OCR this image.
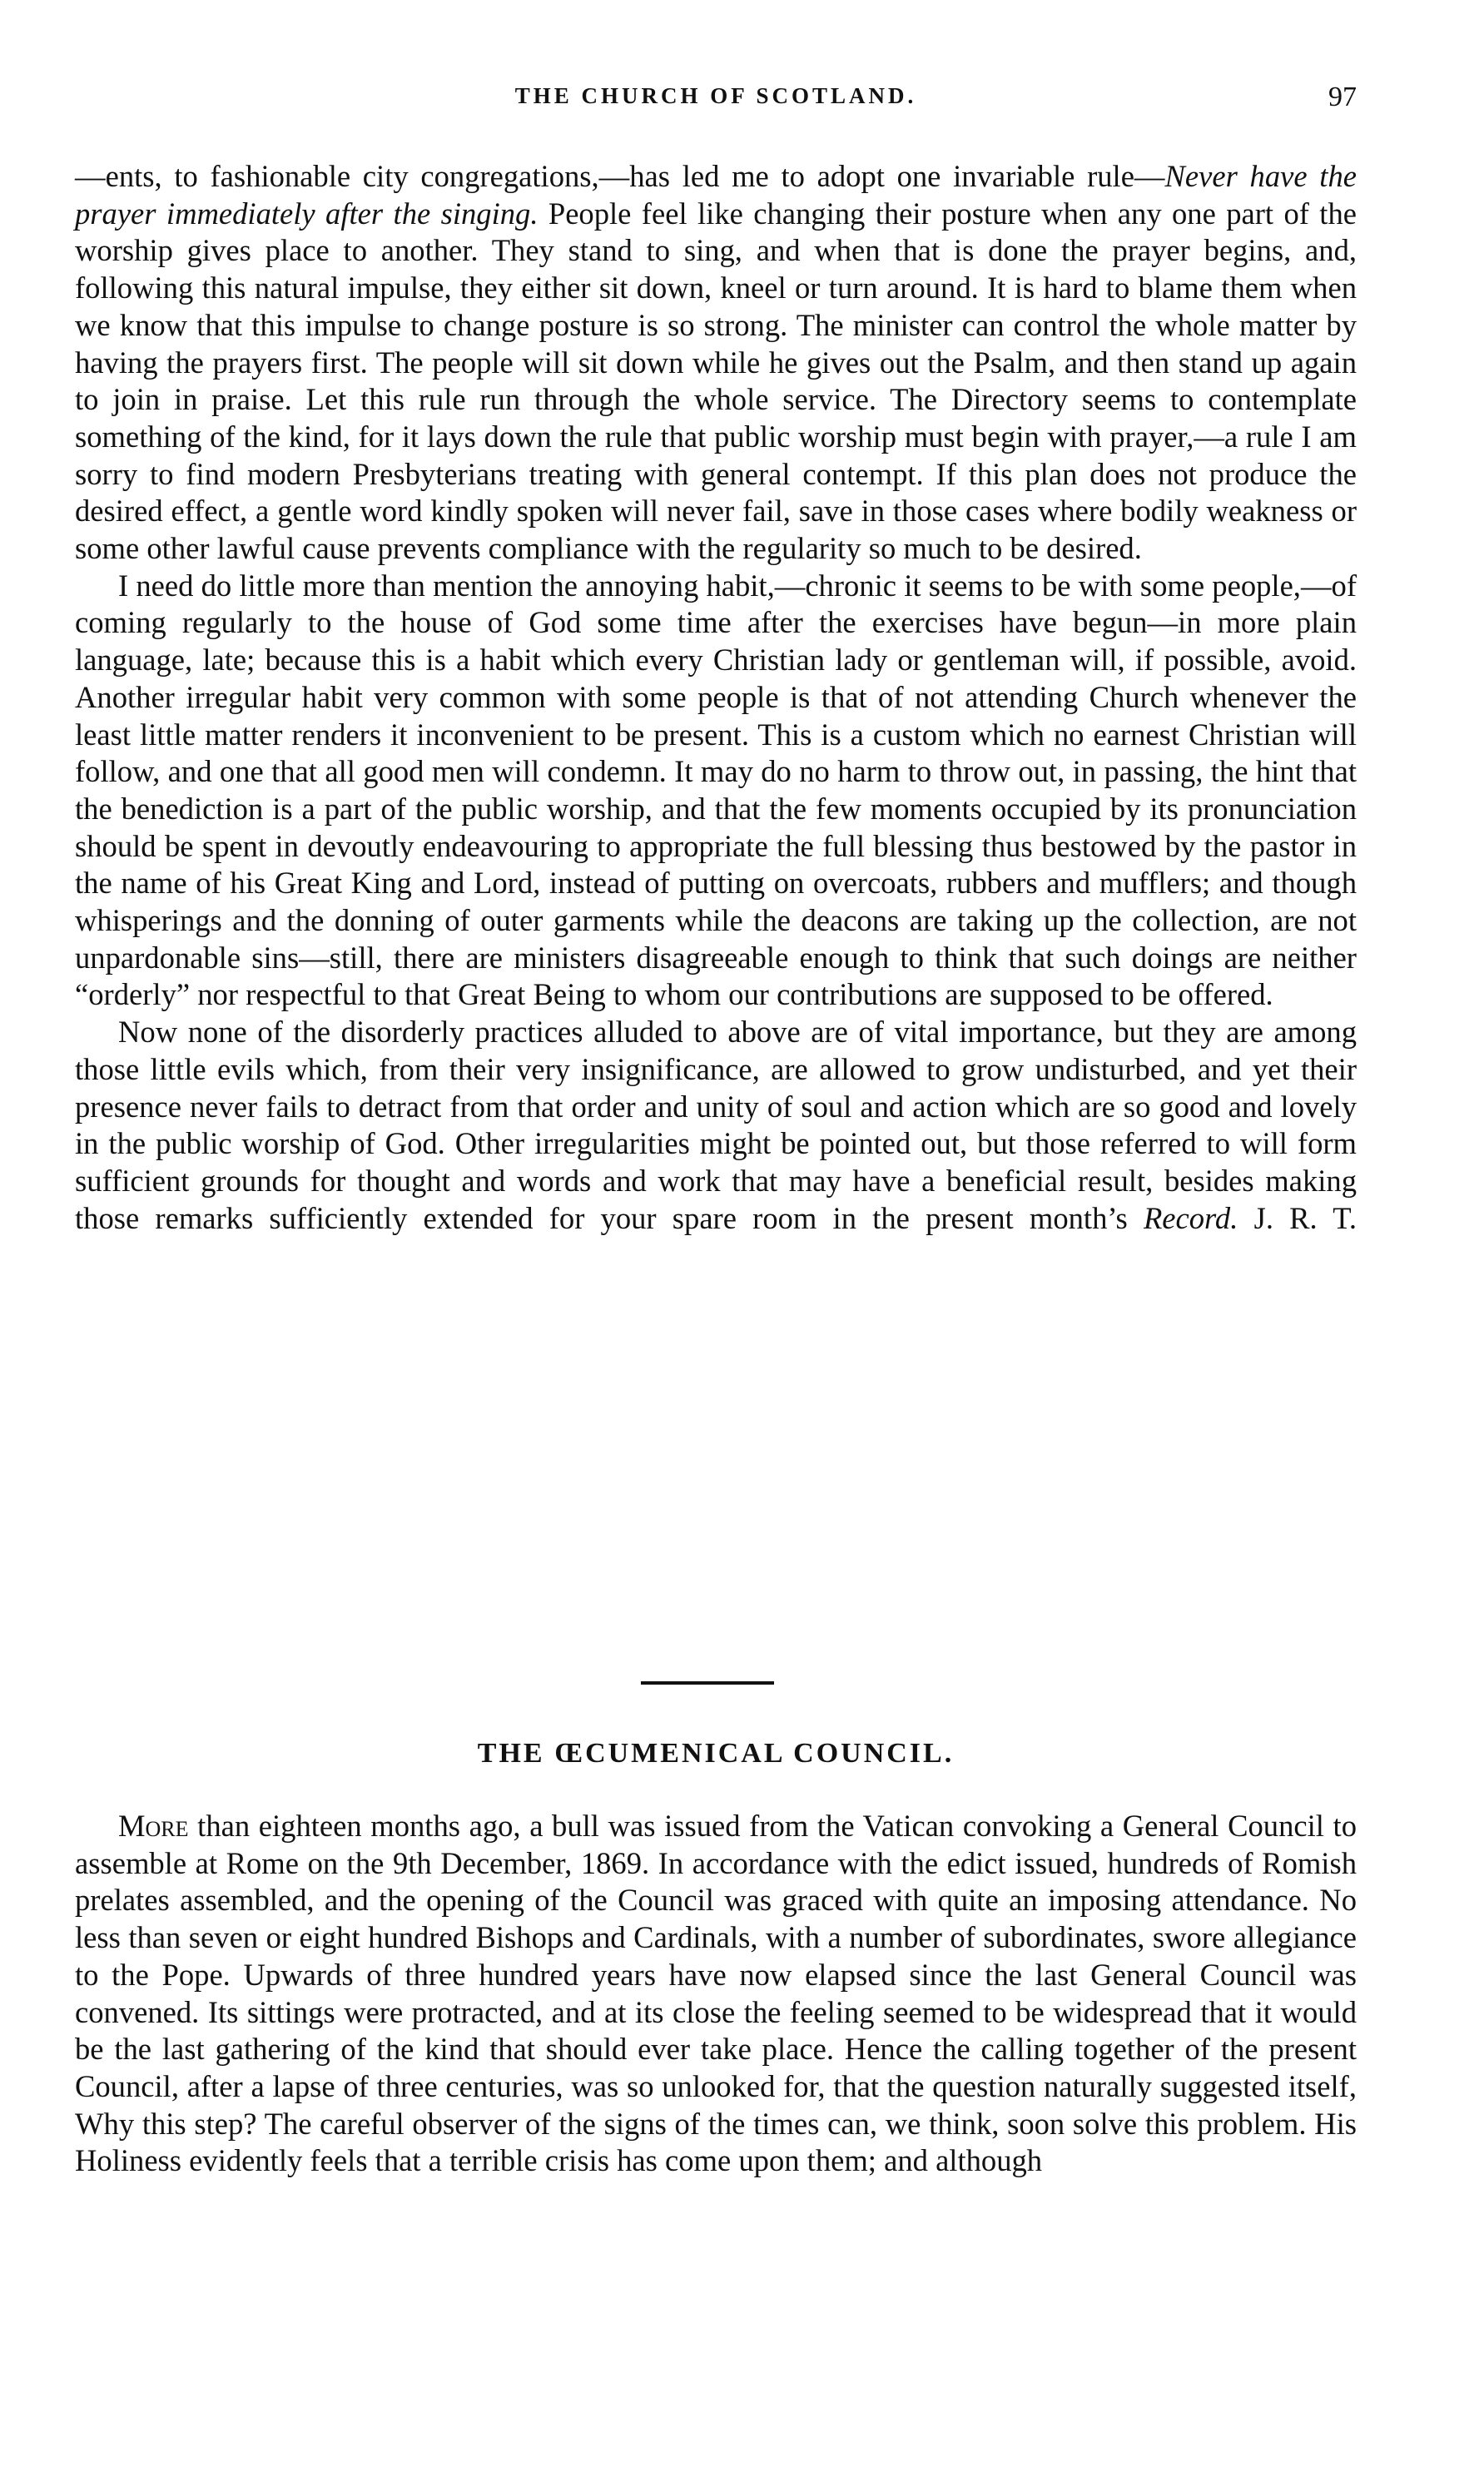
THE CHURCH OF SCOTLAND.	97

—ents, to fashionable city congregations,—has led me to adopt one invariable rule—Never have the prayer immediately after the singing. People feel like changing their posture when any one part of the worship gives place to another. They stand to sing, and when that is done the prayer begins, and, following this natural impulse, they either sit down, kneel or turn around. It is hard to blame them when we know that this impulse to change posture is so strong. The minister can control the whole matter by having the prayers first. The people will sit down while he gives out the Psalm, and then stand up again to join in praise. Let this rule run through the whole service. The Directory seems to contemplate something of the kind, for it lays down the rule that public worship must begin with prayer,—a rule I am sorry to find modern Presbyterians treating with general contempt. If this plan does not produce the desired effect, a gentle word kindly spoken will never fail, save in those cases where bodily weakness or some other lawful cause prevents compliance with the regularity so much to be desired.

I need do little more than mention the annoying habit,—chronic it seems to be with some people,—of coming regularly to the house of God some time after the exercises have begun—in more plain language, late; because this is a habit which every Christian lady or gentleman will, if possible, avoid. Another irregular habit very common with some people is that of not attending Church whenever the least little matter renders it inconvenient to be present. This is a custom which no earnest Christian will follow, and one that all good men will condemn. It may do no harm to throw out, in passing, the hint that the benediction is a part of the public worship, and that the few moments occupied by its pronunciation should be spent in devoutly endeavouring to appropriate the full blessing thus bestowed by the pastor in the name of his Great King and Lord, instead of putting on overcoats, rubbers and mufflers; and though whisperings and the donning of outer garments while the deacons are taking up the collection, are not unpardonable sins—still, there are ministers disagreeable enough to think that such doings are neither “orderly” nor respectful to that Great Being to whom our contributions are supposed to be offered.

Now none of the disorderly practices alluded to above are of vital importance, but they are among those little evils which, from their very insignificance, are allowed to grow undisturbed, and yet their presence never fails to detract from that order and unity of soul and action which are so good and lovely in the public worship of God. Other irregularities might be pointed out, but those referred to will form sufficient grounds for thought and words and work that may have a beneficial result, besides making those remarks sufficiently extended for your spare room in the present month’s Record. J. R. T.

THE ŒCUMENICAL COUNCIL.

More than eighteen months ago, a bull was issued from the Vatican convoking a General Council to assemble at Rome on the 9th December, 1869. In accordance with the edict issued, hundreds of Romish prelates assembled, and the opening of the Council was graced with quite an imposing attendance. No less than seven or eight hundred Bishops and Cardinals, with a number of subordinates, swore allegiance to the Pope. Upwards of three hundred years have now elapsed since the last General Council was convened. Its sittings were protracted, and at its close the feeling seemed to be widespread that it would be the last gathering of the kind that should ever take place. Hence the calling together of the present Council, after a lapse of three centuries, was so unlooked for, that the question naturally suggested itself, Why this step? The careful observer of the signs of the times can, we think, soon solve this problem. His Holiness evidently feels that a terrible crisis has come upon them; and although
